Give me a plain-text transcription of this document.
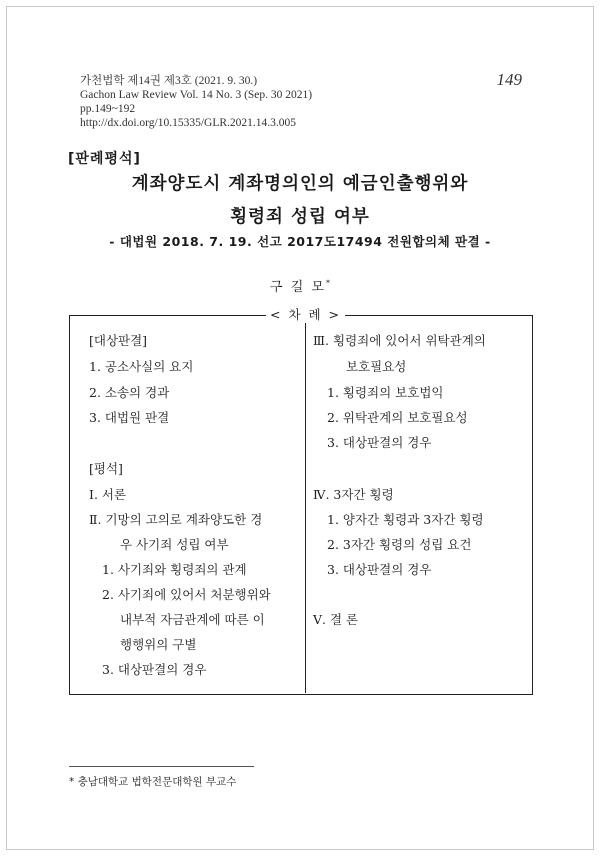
가천법학 제14권 제3호 (2021. 9. 30.)
Gachon Law Review Vol. 14 No. 3 (Sep. 30 2021)
pp.149~192
http://dx.doi.org/10.15335/GLR.2021.14.3.005
149
[판례평석]
계좌양도시 계좌명의인의 예금인출행위와
횡령죄 성립 여부
- 대법원 2018. 7. 19. 선고 2017도17494 전원합의체 판결 -
구 길 모*
< 차 례 >
[대상판결]
1. 공소사실의 요지
2. 소송의 경과
3. 대법원 판결
[평석]
Ⅰ. 서론
Ⅱ. 기망의 고의로 계좌양도한 경
우 사기죄 성립 여부
1. 사기죄와 횡령죄의 관계
2. 사기죄에 있어서 처분행위와
내부적 자금관계에 따른 이
행행위의 구별
3. 대상판결의 경우
Ⅲ. 횡령죄에 있어서 위탁관계의
보호필요성
1. 횡령죄의 보호법익
2. 위탁관계의 보호필요성
3. 대상판결의 경우
Ⅳ. 3자간 횡령
1. 양자간 횡령과 3자간 횡령
2. 3자간 횡령의 성립 요건
3. 대상판결의 경우
Ⅴ. 결 론
* 충남대학교 법학전문대학원 부교수
